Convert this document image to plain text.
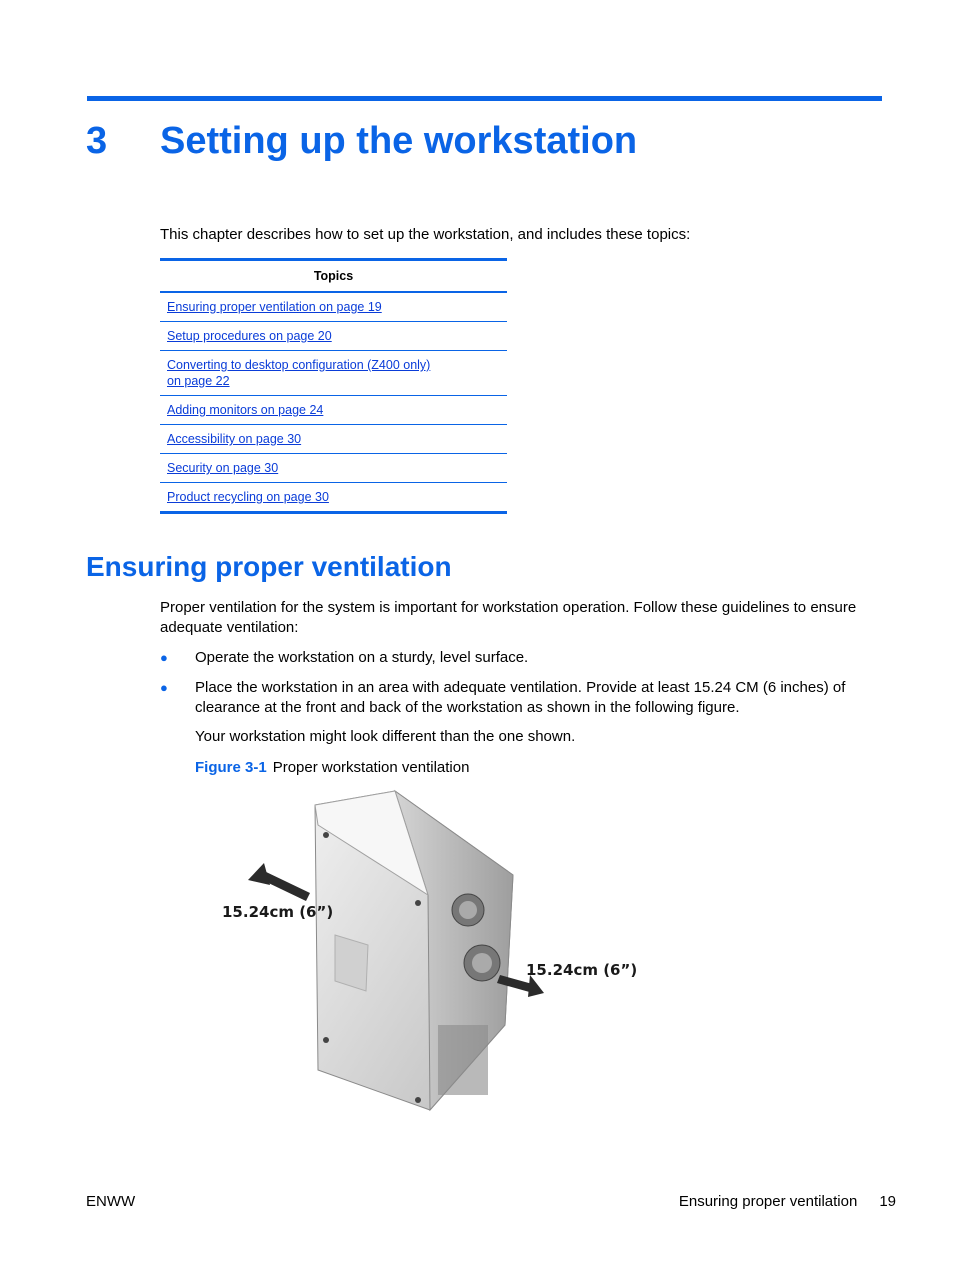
3 Setting up the workstation
This chapter describes how to set up the workstation, and includes these topics:
Topics
Ensuring proper ventilation on page 19
Setup procedures on page 20
Converting to desktop configuration (Z400 only)
on page 22
Adding monitors on page 24
Accessibility on page 30
Security on page 30
Product recycling on page 30
Ensuring proper ventilation
Proper ventilation for the system is important for workstation operation. Follow these guidelines to ensure adequate ventilation:
● Operate the workstation on a sturdy, level surface.
● Place the workstation in an area with adequate ventilation. Provide at least 15.24 CM (6 inches) of clearance at the front and back of the workstation as shown in the following figure.
Your workstation might look different than the one shown.
Figure 3-1 Proper workstation ventilation
15.24cm (6”)
15.24cm (6”)
ENWW	Ensuring proper ventilation 19
